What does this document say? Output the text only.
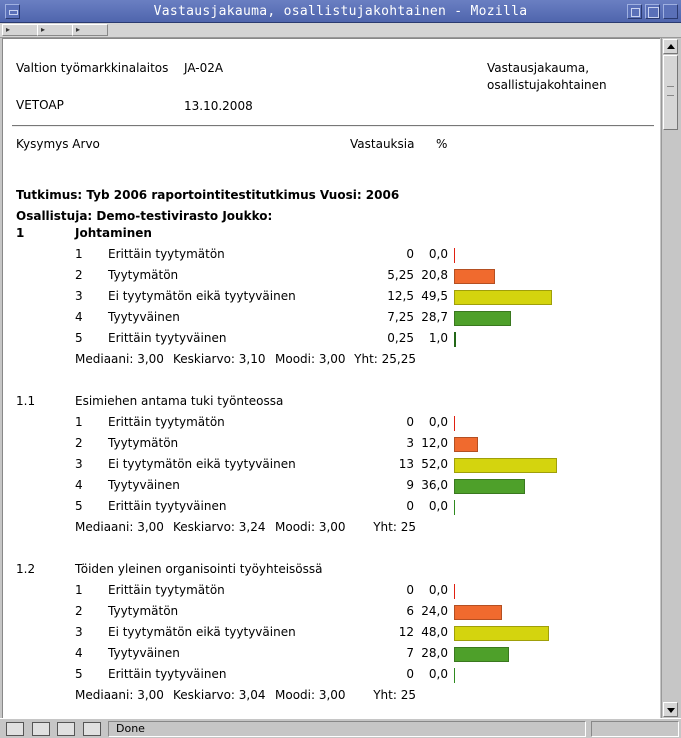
Vastausjakauma, osallistujakohtainen - Mozilla
▸	▸	▸
Valtion työmarkkinalaitos JA-02A	Vastausjakauma,
osallistujakohtainen
VETOAP	13.10.2008
Kysymys Arvo	Vastauksia %
Tutkimus: Tyb 2006 raportointitestitutkimus Vuosi: 2006
Osallistuja: Demo-testivirasto Joukko:
1	Johtaminen
1 Erittäin tyytymätön	0 0,0
2 Tyytymätön	5,25 20,8
3 Ei tyytymätön eikä tyytyväinen	12,5 49,5
4 Tyytyväinen	7,25 28,7
5 Erittäin tyytyväinen	0,25 1,0
Mediaani: 3,00 Keskiarvo: 3,10 Moodi: 3,00 Yht: 25,25
1.1	Esimiehen antama tuki työnteossa
1 Erittäin tyytymätön	0 0,0
2 Tyytymätön	3 12,0
3 Ei tyytymätön eikä tyytyväinen	13 52,0
4 Tyytyväinen	9 36,0
5 Erittäin tyytyväinen	0 0,0
Mediaani: 3,00 Keskiarvo: 3,24 Moodi: 3,00 Yht: 25
1.2	Töiden yleinen organisointi työyhteisössä
1 Erittäin tyytymätön	0 0,0
2 Tyytymätön	6 24,0
3 Ei tyytymätön eikä tyytyväinen	12 48,0
4 Tyytyväinen	7 28,0
5 Erittäin tyytyväinen	0 0,0
Mediaani: 3,00 Keskiarvo: 3,04 Moodi: 3,00 Yht: 25
Done
